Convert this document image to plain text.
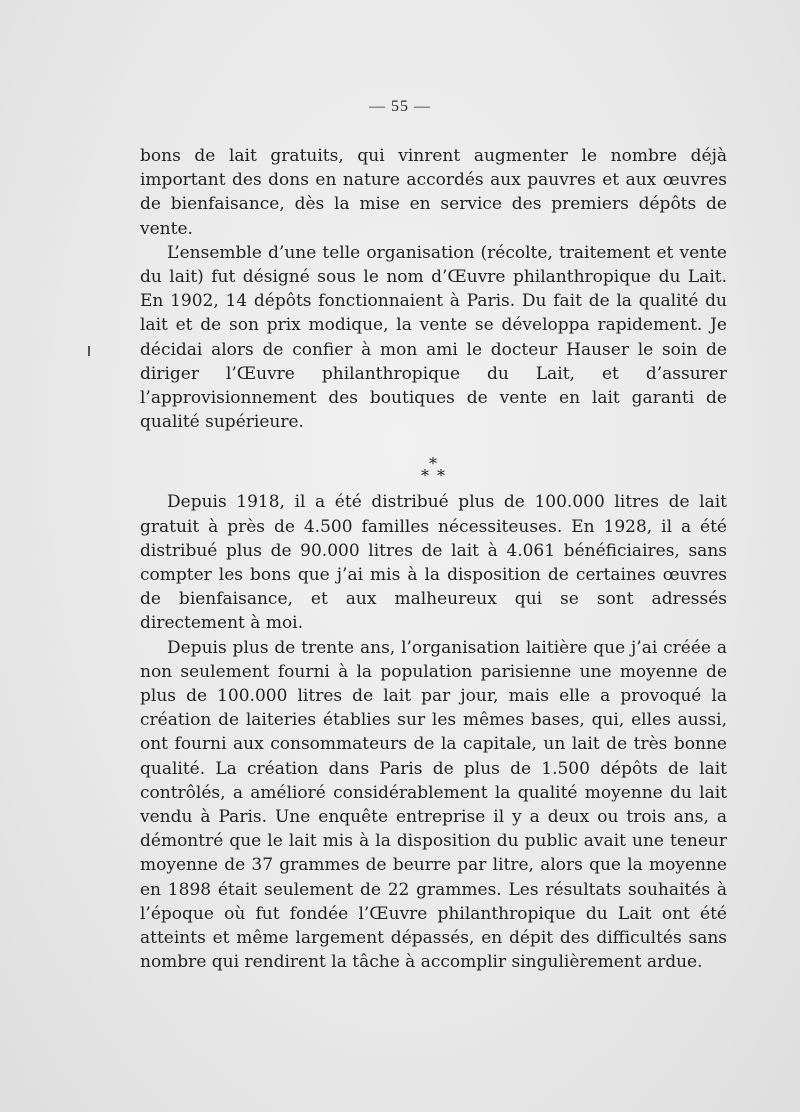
— 55 —

bons de lait gratuits, qui vinrent augmenter le nombre déjà important des dons en nature accordés aux pauvres et aux œuvres de bienfaisance, dès la mise en service des premiers dépôts de vente.

L’ensemble d’une telle organisation (récolte, traitement et vente du lait) fut désigné sous le nom d’Œuvre philanthropique du Lait. En 1902, 14 dépôts fonctionnaient à Paris. Du fait de la qualité du lait et de son prix modique, la vente se développa rapidement. Je décidai alors de confier à mon ami le docteur Hauser le soin de diriger l’Œuvre philanthropique du Lait, et d’assurer l’approvisionnement des boutiques de vente en lait garanti de qualité supérieure.

*
* *

Depuis 1918, il a été distribué plus de 100.000 litres de lait gratuit à près de 4.500 familles nécessiteuses. En 1928, il a été distribué plus de 90.000 litres de lait à 4.061 bénéficiaires, sans compter les bons que j’ai mis à la disposition de certaines œuvres de bienfaisance, et aux malheureux qui se sont adressés directement à moi.

Depuis plus de trente ans, l’organisation laitière que j’ai créée a non seulement fourni à la population parisienne une moyenne de plus de 100.000 litres de lait par jour, mais elle a provoqué la création de laiteries établies sur les mêmes bases, qui, elles aussi, ont fourni aux consommateurs de la capitale, un lait de très bonne qualité. La création dans Paris de plus de 1.500 dépôts de lait contrôlés, a amélioré considérablement la qualité moyenne du lait vendu à Paris. Une enquête entreprise il y a deux ou trois ans, a démontré que le lait mis à la disposition du public avait une teneur moyenne de 37 grammes de beurre par litre, alors que la moyenne en 1898 était seulement de 22 grammes. Les résultats souhaités à l’époque où fut fondée l’Œuvre philanthropique du Lait ont été atteints et même largement dépassés, en dépit des difficultés sans nombre qui rendirent la tâche à accomplir singulièrement ardue.
